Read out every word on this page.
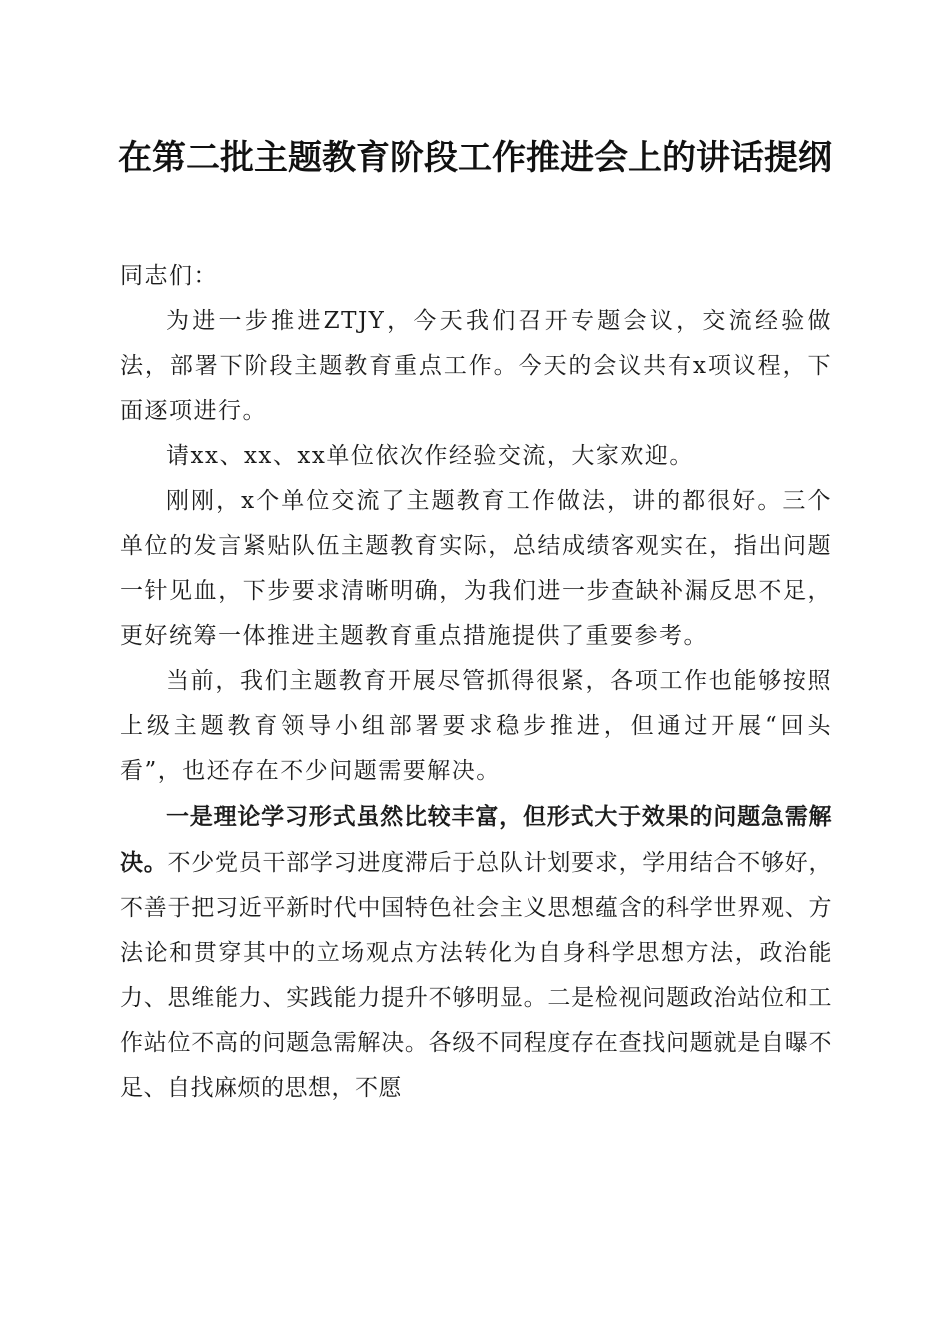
在第二批主题教育阶段工作推进会上的讲话提纲

同志们：

为进一步推进ZTJY，今天我们召开专题会议，交流经验做法，部署下阶段主题教育重点工作。今天的会议共有x项议程，下面逐项进行。

请xx、xx、xx单位依次作经验交流，大家欢迎。

刚刚，x个单位交流了主题教育工作做法，讲的都很好。三个单位的发言紧贴队伍主题教育实际，总结成绩客观实在，指出问题一针见血，下步要求清晰明确，为我们进一步查缺补漏反思不足，更好统筹一体推进主题教育重点措施提供了重要参考。

当前，我们主题教育开展尽管抓得很紧，各项工作也能够按照上级主题教育领导小组部署要求稳步推进，但通过开展“回头看”，也还存在不少问题需要解决。

一是理论学习形式虽然比较丰富，但形式大于效果的问题急需解决。不少党员干部学习进度滞后于总队计划要求，学用结合不够好，不善于把习近平新时代中国特色社会主义思想蕴含的科学世界观、方法论和贯穿其中的立场观点方法转化为自身科学思想方法，政治能力、思维能力、实践能力提升不够明显。二是检视问题政治站位和工作站位不高的问题急需解决。各级不同程度存在查找问题就是自曝不足、自找麻烦的思想，不愿
